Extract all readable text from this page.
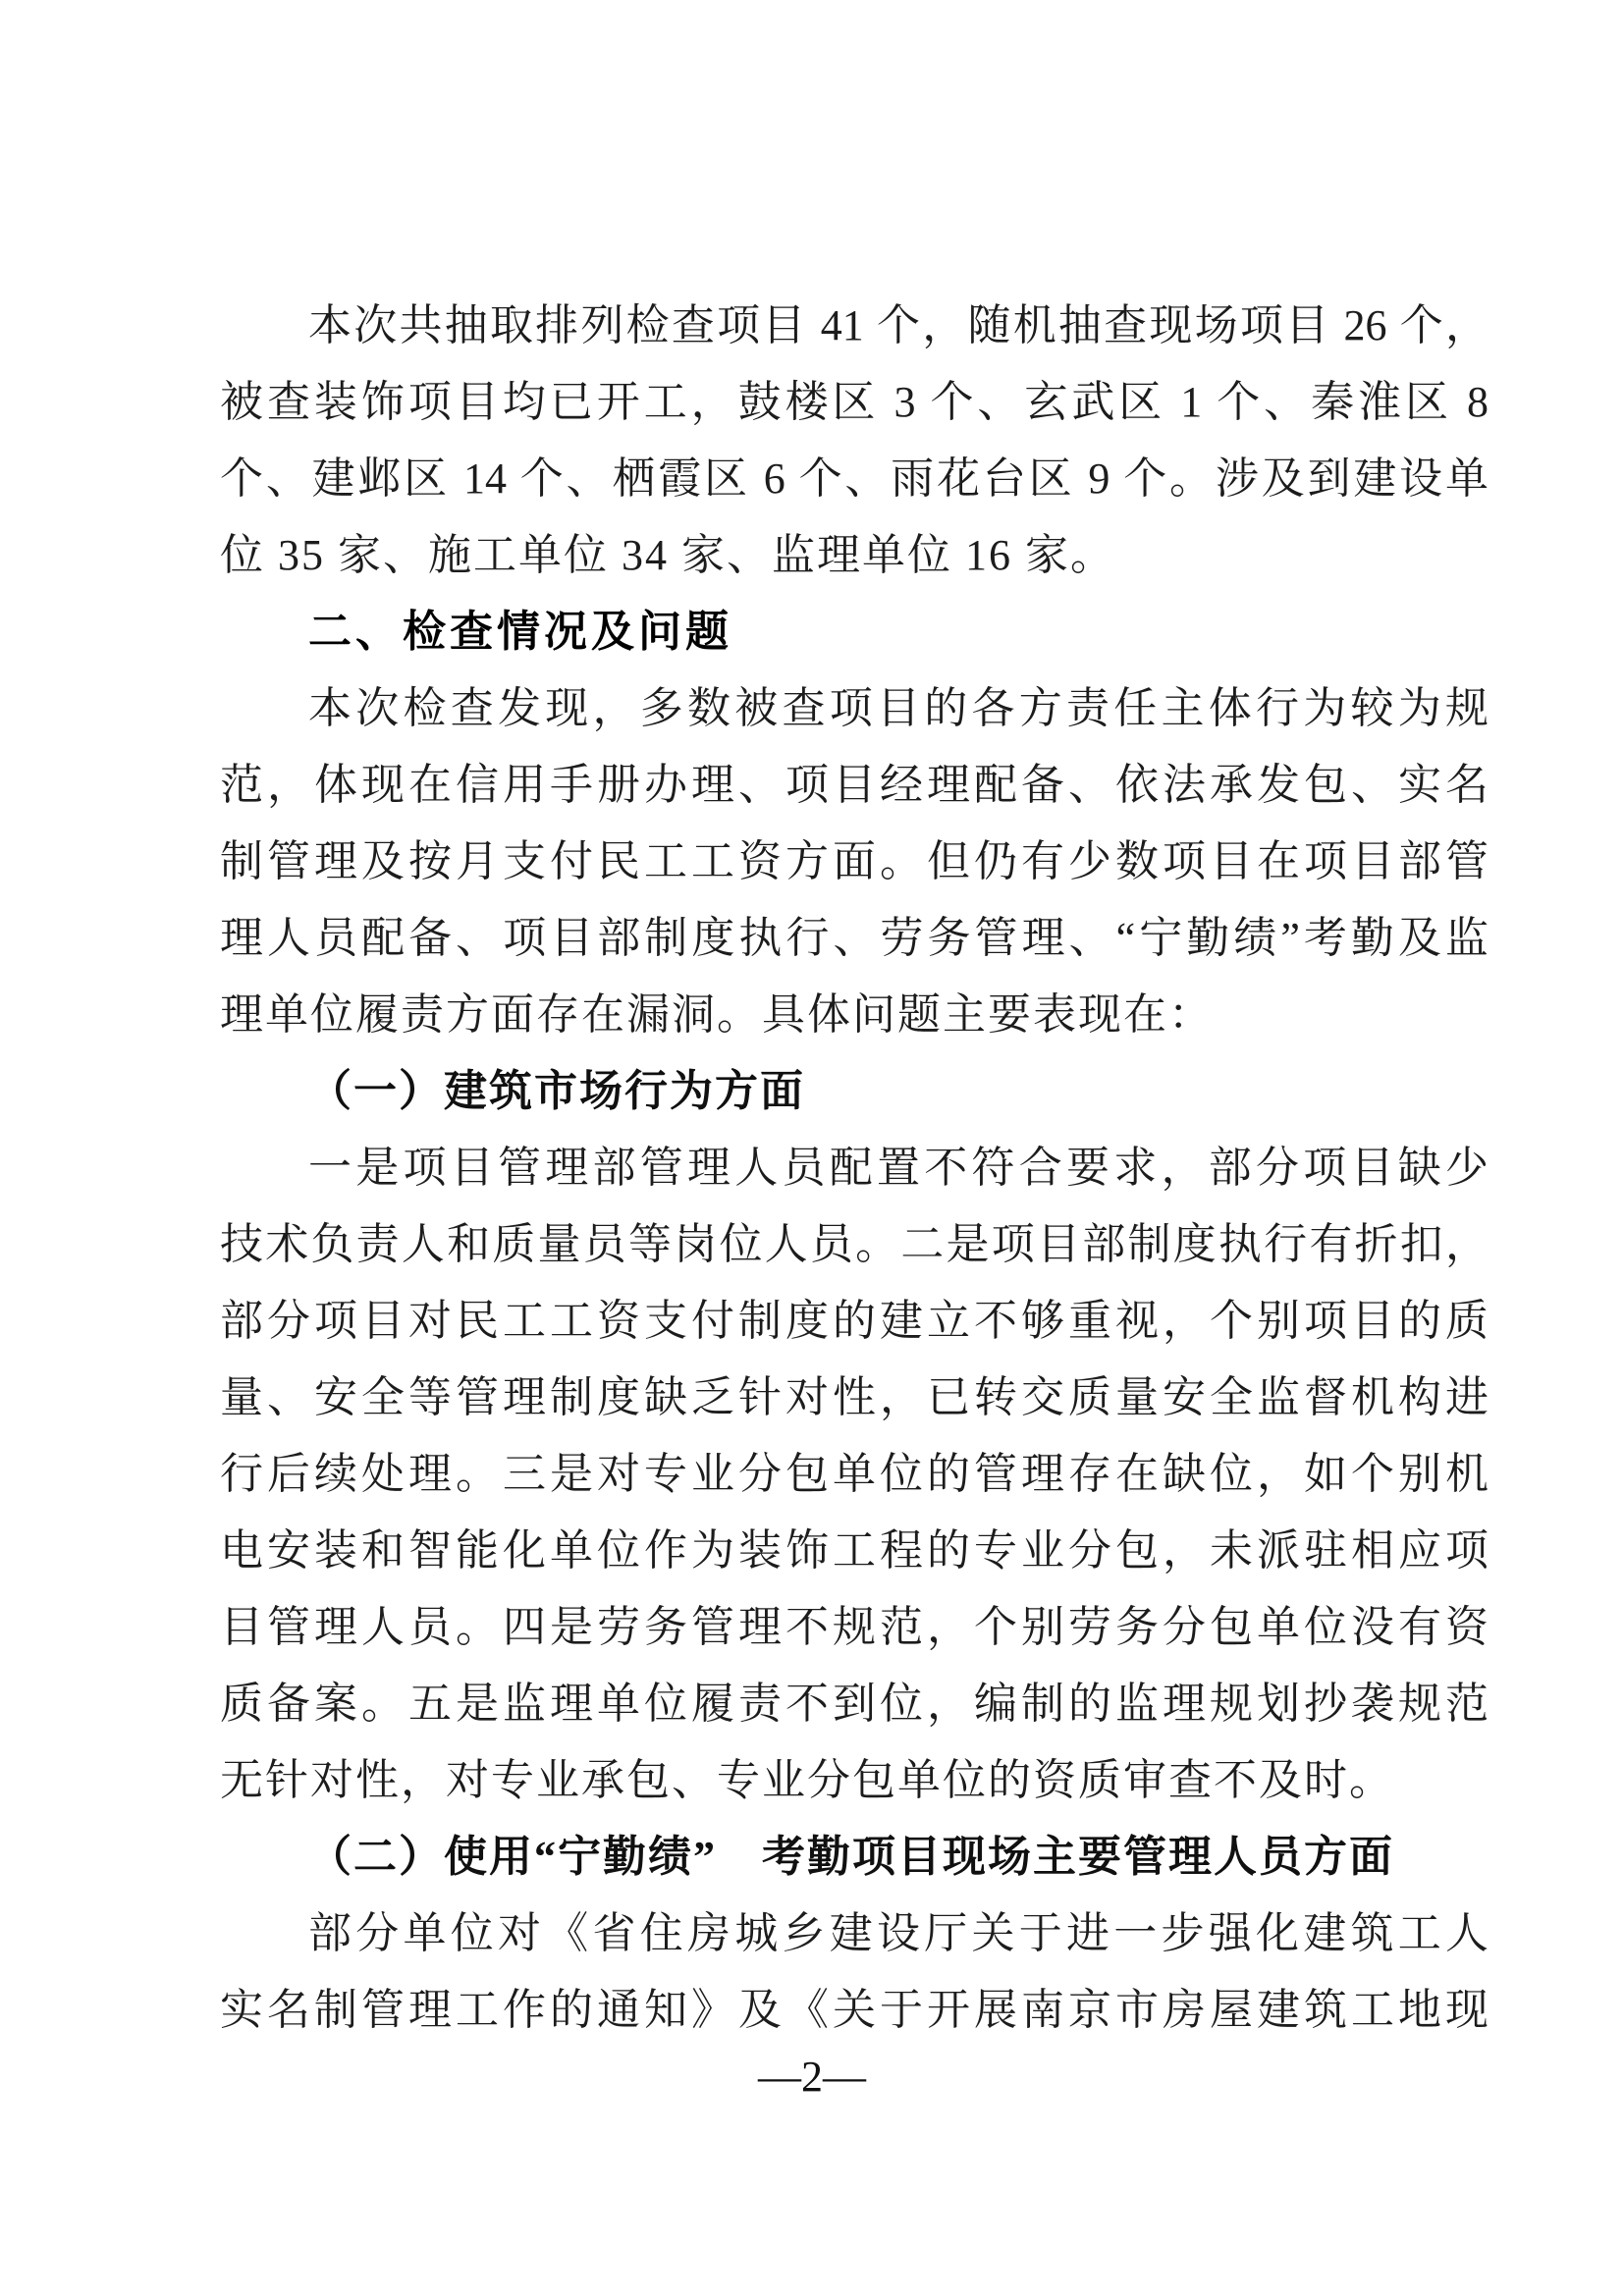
本次共抽取排列检查项目 41 个，随机抽查现场项目 26 个，
被查装饰项目均已开工，鼓楼区 3 个、玄武区 1 个、秦淮区 8
个、建邺区 14 个、栖霞区 6 个、雨花台区 9 个。涉及到建设单
位 35 家、施工单位 34 家、监理单位 16 家。
二、检查情况及问题
本次检查发现，多数被查项目的各方责任主体行为较为规
范，体现在信用手册办理、项目经理配备、依法承发包、实名
制管理及按月支付民工工资方面。但仍有少数项目在项目部管
理人员配备、项目部制度执行、劳务管理、“宁勤绩”考勤及监
理单位履责方面存在漏洞。具体问题主要表现在：
（一）建筑市场行为方面
一是项目管理部管理人员配置不符合要求，部分项目缺少
技术负责人和质量员等岗位人员。二是项目部制度执行有折扣，
部分项目对民工工资支付制度的建立不够重视，个别项目的质
量、安全等管理制度缺乏针对性，已转交质量安全监督机构进
行后续处理。三是对专业分包单位的管理存在缺位，如个别机
电安装和智能化单位作为装饰工程的专业分包，未派驻相应项
目管理人员。四是劳务管理不规范，个别劳务分包单位没有资
质备案。五是监理单位履责不到位，编制的监理规划抄袭规范
无针对性，对专业承包、专业分包单位的资质审查不及时。
（二）使用“宁勤绩”　考勤项目现场主要管理人员方面
部分单位对《省住房城乡建设厅关于进一步强化建筑工人
实名制管理工作的通知》及《关于开展南京市房屋建筑工地现
—2—
